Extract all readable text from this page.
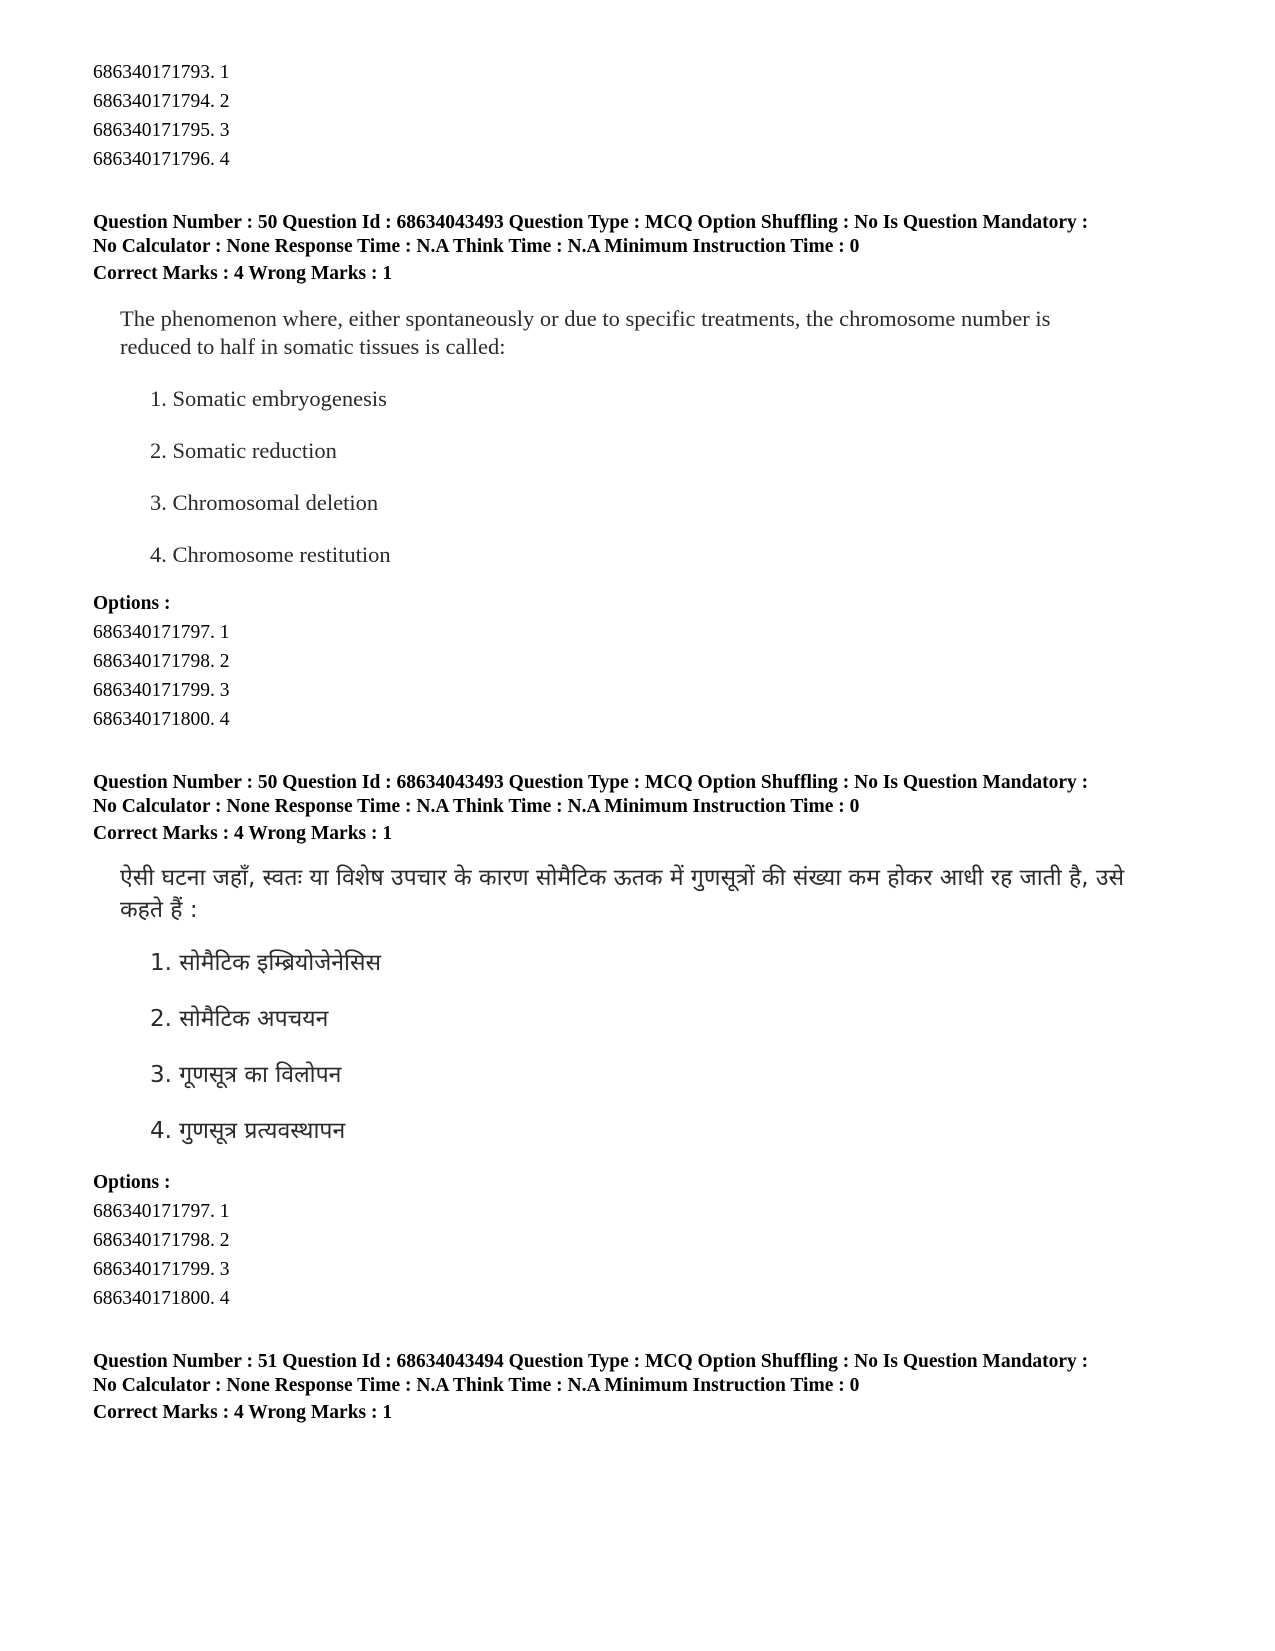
686340171793. 1
686340171794. 2
686340171795. 3
686340171796. 4
Question Number : 50 Question Id : 68634043493 Question Type : MCQ Option Shuffling : No Is Question Mandatory :
No Calculator : None Response Time : N.A Think Time : N.A Minimum Instruction Time : 0
Correct Marks : 4 Wrong Marks : 1
The phenomenon where, either spontaneously or due to specific treatments, the chromosome number is reduced to half in somatic tissues is called:
1. Somatic embryogenesis
2. Somatic reduction
3. Chromosomal deletion
4. Chromosome restitution
Options :
686340171797. 1
686340171798. 2
686340171799. 3
686340171800. 4
Question Number : 50 Question Id : 68634043493 Question Type : MCQ Option Shuffling : No Is Question Mandatory :
No Calculator : None Response Time : N.A Think Time : N.A Minimum Instruction Time : 0
Correct Marks : 4 Wrong Marks : 1
ऐसी घटना जहाँ, स्वतः या विशेष उपचार के कारण सोमैटिक ऊतक में गुणसूत्रों की संख्या कम होकर आधी रह जाती है, उसे कहते हैं :
1. सोमैटिक इम्ब्रियोजेनेसिस
2. सोमैटिक अपचयन
3. गूणसूत्र का विलोपन
4. गुणसूत्र प्रत्यवस्थापन
Options :
686340171797. 1
686340171798. 2
686340171799. 3
686340171800. 4
Question Number : 51 Question Id : 68634043494 Question Type : MCQ Option Shuffling : No Is Question Mandatory :
No Calculator : None Response Time : N.A Think Time : N.A Minimum Instruction Time : 0
Correct Marks : 4 Wrong Marks : 1
